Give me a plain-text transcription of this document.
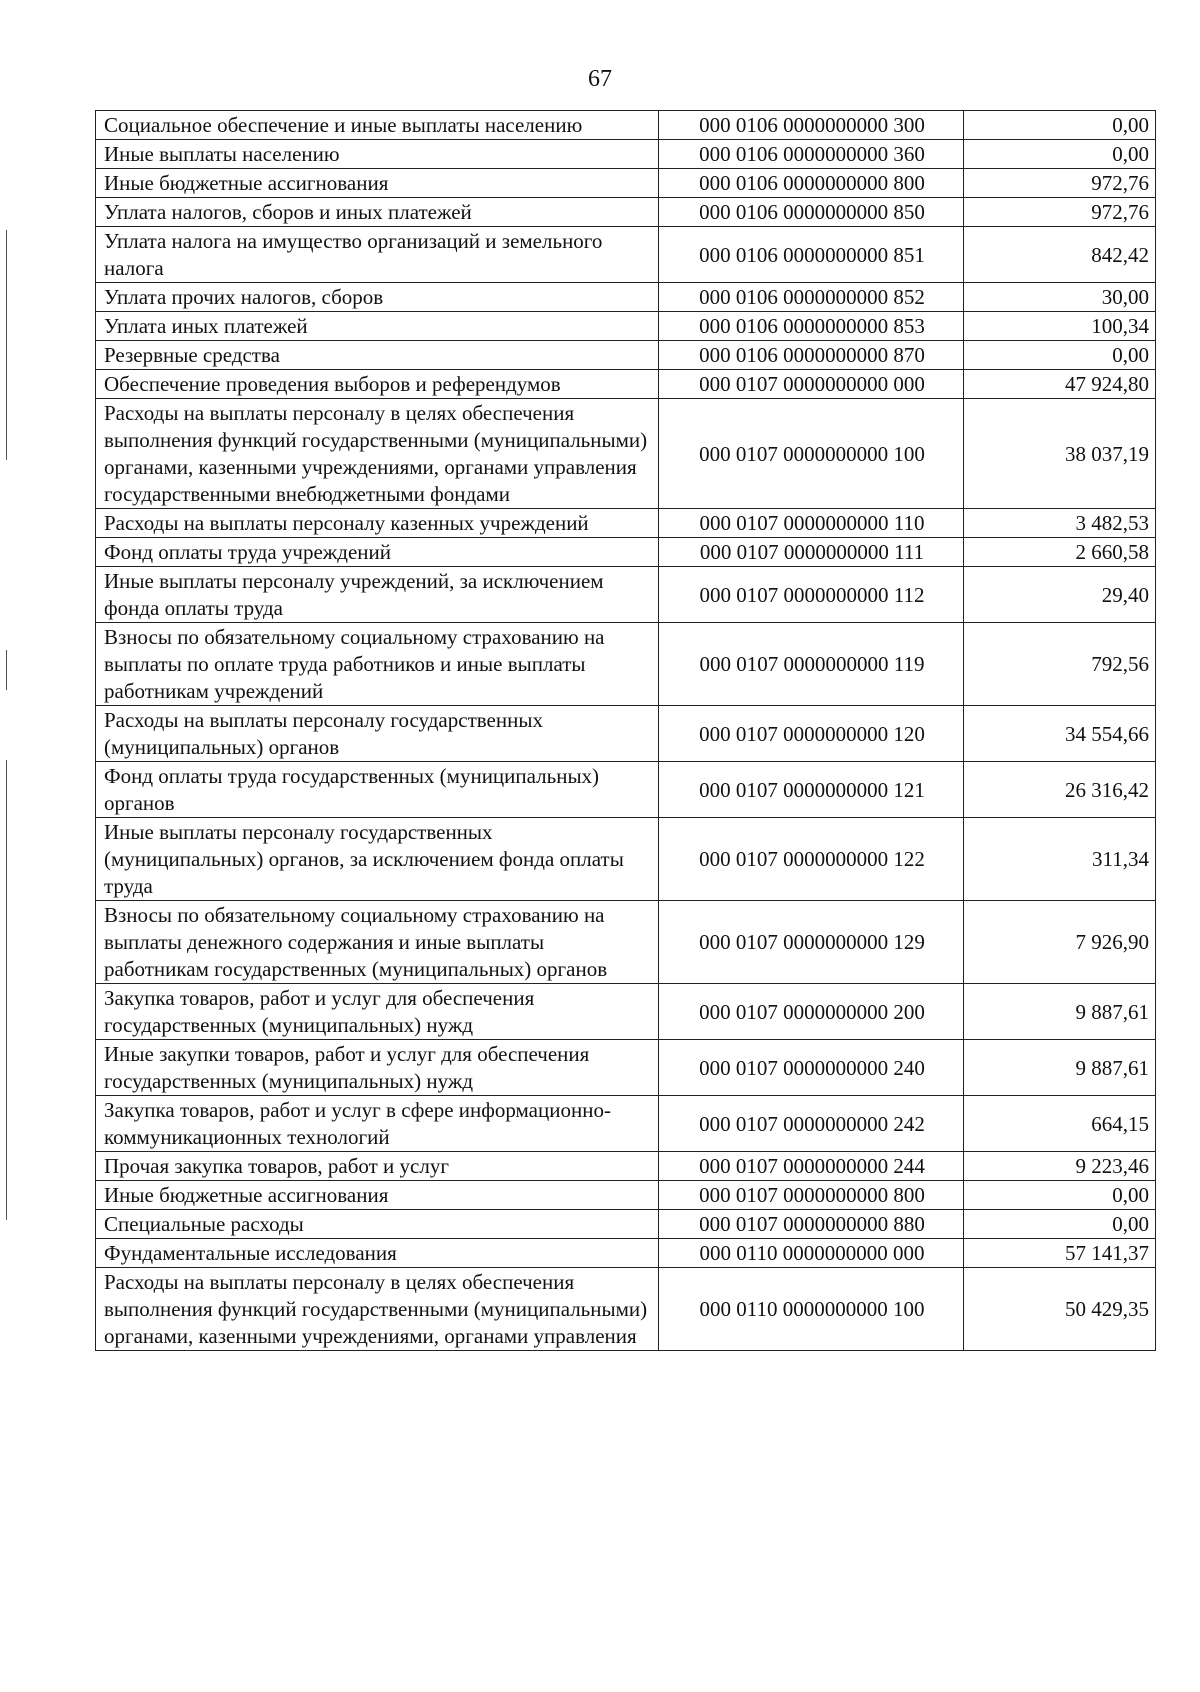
67
Социальное обеспечение и иные выплаты населению	000 0106 0000000000 300	0,00
Иные выплаты населению	000 0106 0000000000 360	0,00
Иные бюджетные ассигнования	000 0106 0000000000 800	972,76
Уплата налогов, сборов и иных платежей	000 0106 0000000000 850	972,76
Уплата налога на имущество организаций и земельного налога	000 0106 0000000000 851	842,42
Уплата прочих налогов, сборов	000 0106 0000000000 852	30,00
Уплата иных платежей	000 0106 0000000000 853	100,34
Резервные средства	000 0106 0000000000 870	0,00
Обеспечение проведения выборов и референдумов	000 0107 0000000000 000	47 924,80
Расходы на выплаты персоналу в целях обеспечения выполнения функций государственными (муниципальными) органами, казенными учреждениями, органами управления государственными внебюджетными фондами	000 0107 0000000000 100	38 037,19
Расходы на выплаты персоналу казенных учреждений	000 0107 0000000000 110	3 482,53
Фонд оплаты труда учреждений	000 0107 0000000000 111	2 660,58
Иные выплаты персоналу учреждений, за исключением фонда оплаты труда	000 0107 0000000000 112	29,40
Взносы по обязательному социальному страхованию на выплаты по оплате труда работников и иные выплаты работникам учреждений	000 0107 0000000000 119	792,56
Расходы на выплаты персоналу государственных (муниципальных) органов	000 0107 0000000000 120	34 554,66
Фонд оплаты труда государственных (муниципальных) органов	000 0107 0000000000 121	26 316,42
Иные выплаты персоналу государственных (муниципальных) органов, за исключением фонда оплаты труда	000 0107 0000000000 122	311,34
Взносы по обязательному социальному страхованию на выплаты денежного содержания и иные выплаты работникам государственных (муниципальных) органов	000 0107 0000000000 129	7 926,90
Закупка товаров, работ и услуг для обеспечения государственных (муниципальных) нужд	000 0107 0000000000 200	9 887,61
Иные закупки товаров, работ и услуг для обеспечения государственных (муниципальных) нужд	000 0107 0000000000 240	9 887,61
Закупка товаров, работ и услуг в сфере информационно-коммуникационных технологий	000 0107 0000000000 242	664,15
Прочая закупка товаров, работ и услуг	000 0107 0000000000 244	9 223,46
Иные бюджетные ассигнования	000 0107 0000000000 800	0,00
Специальные расходы	000 0107 0000000000 880	0,00
Фундаментальные исследования	000 0110 0000000000 000	57 141,37
Расходы на выплаты персоналу в целях обеспечения выполнения функций государственными (муниципальными) органами, казенными учреждениями, органами управления	000 0110 0000000000 100	50 429,35
